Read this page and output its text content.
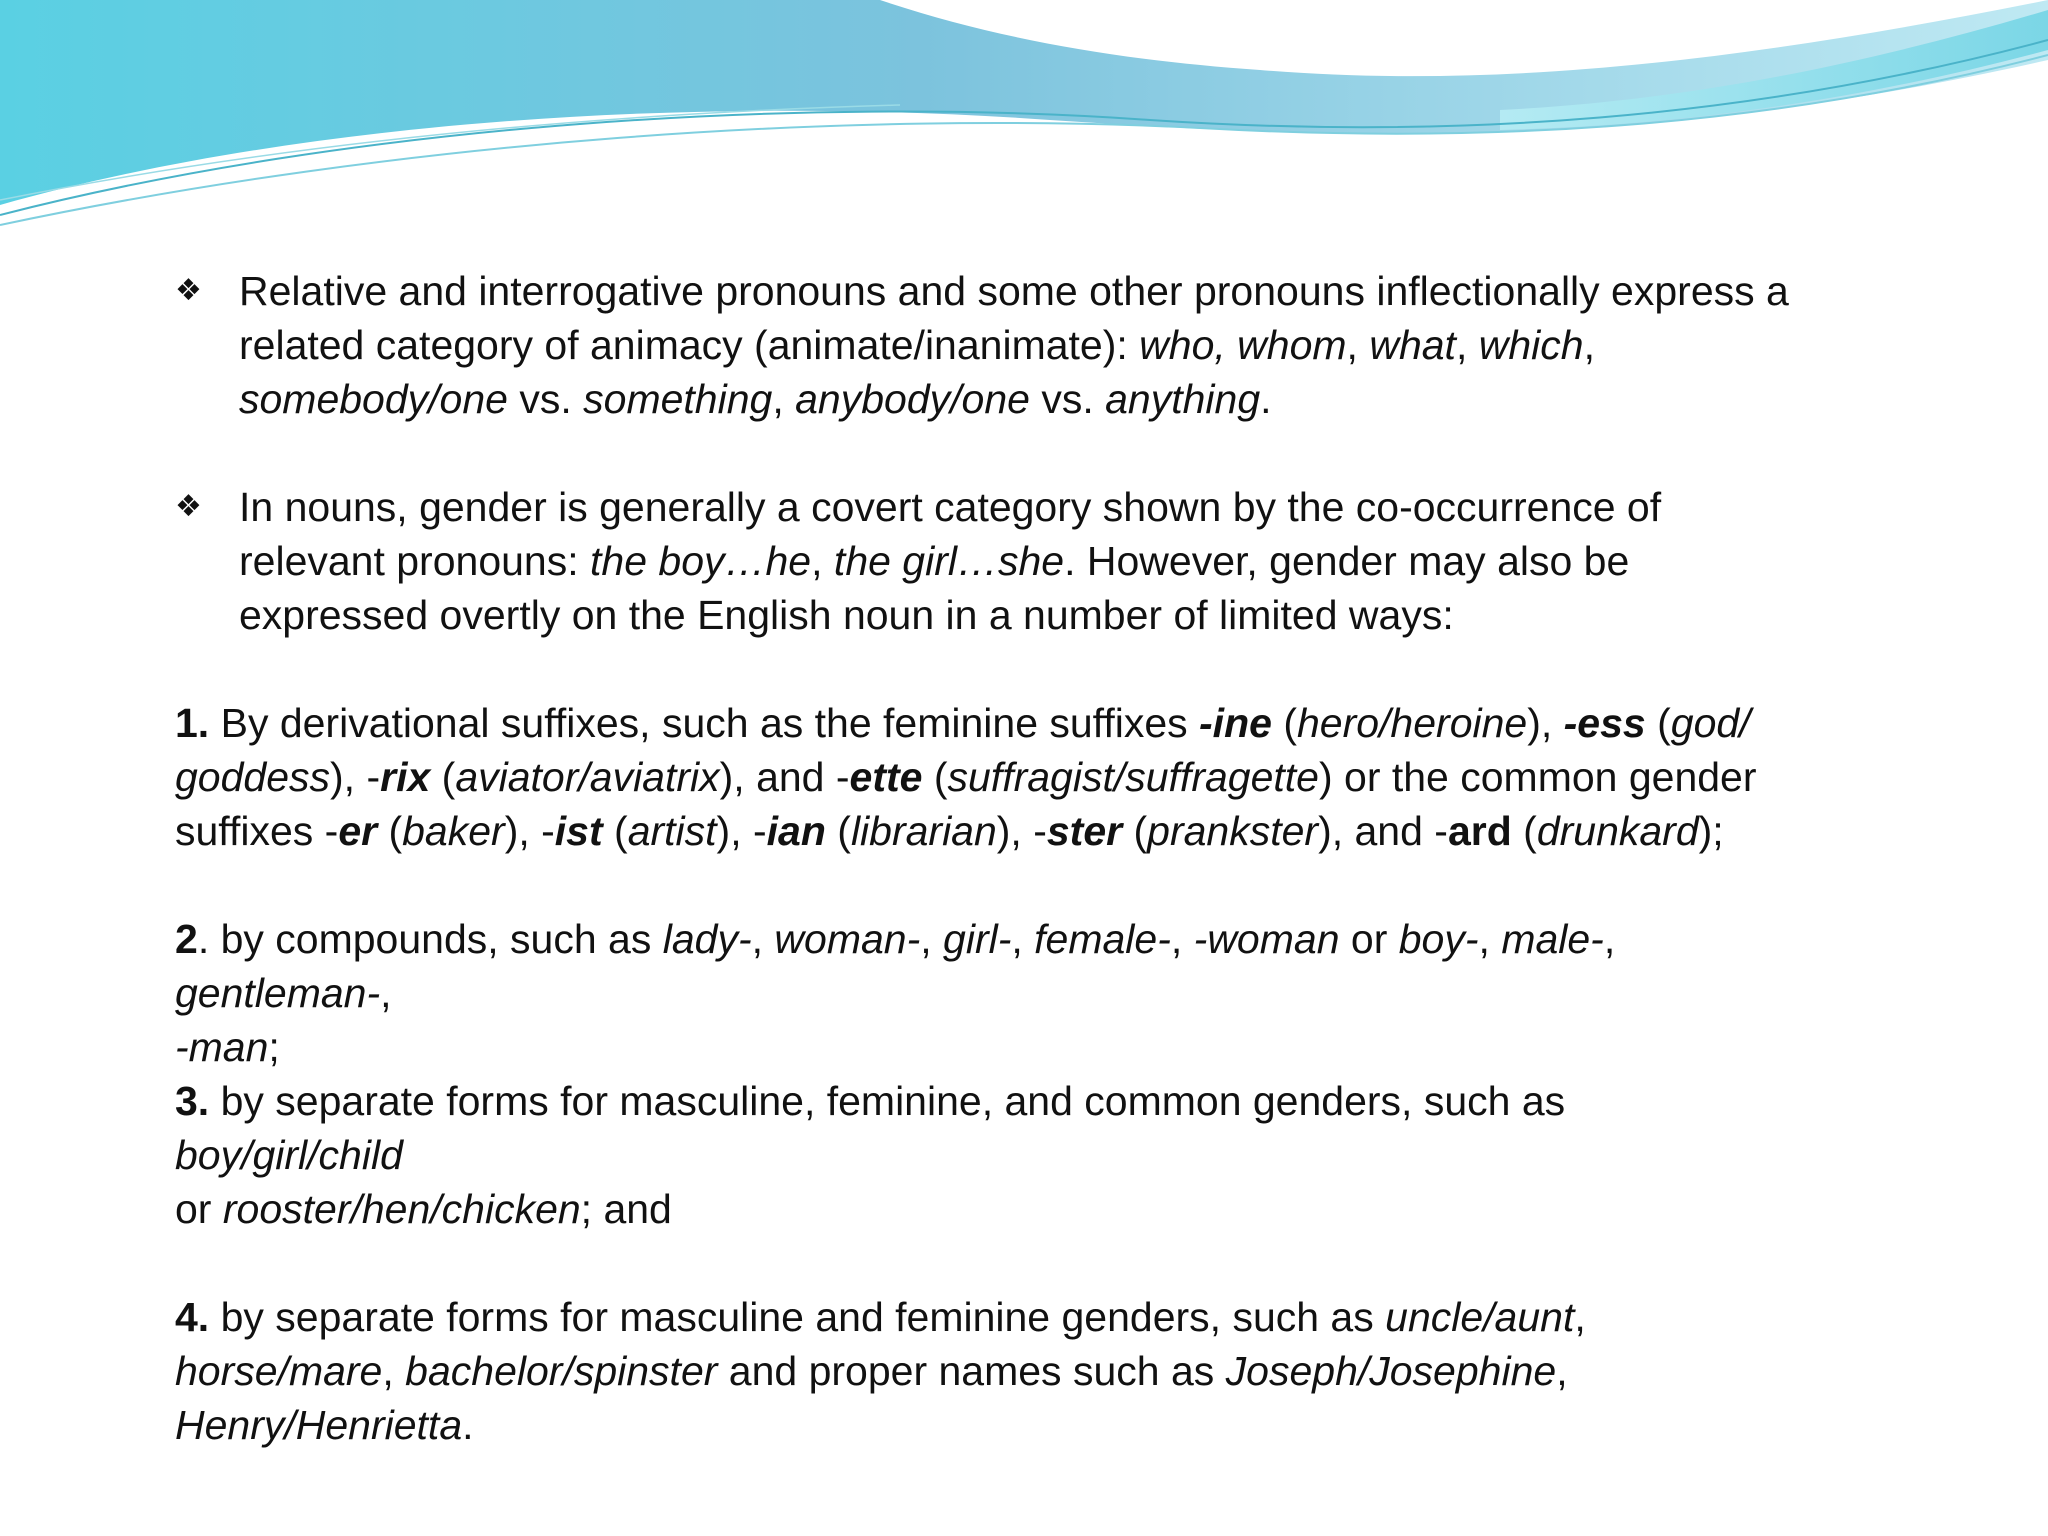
❖ Relative and interrogative pronouns and some other pronouns inflectionally express a
related category of animacy (animate/inanimate): who, whom, what, which,
somebody/one vs. something, anybody/one vs. anything.
❖ In nouns, gender is generally a covert category shown by the co-occurrence of
relevant pronouns: the boy…he, the girl…she. However, gender may also be
expressed overtly on the English noun in a number of limited ways:
1. By derivational suffixes, such as the feminine suffixes -ine (hero/heroine), -ess (god/
goddess), -rix (aviator/aviatrix), and -ette (suffragist/suffragette) or the common gender
suffixes -er (baker), -ist (artist), -ian (librarian), -ster (prankster), and -ard (drunkard);
2. by compounds, such as lady-, woman-, girl-, female-, -woman or boy-, male-,
gentleman-,
-man;
3. by separate forms for masculine, feminine, and common genders, such as
boy/girl/child
or rooster/hen/chicken; and
4. by separate forms for masculine and feminine genders, such as uncle/aunt,
horse/mare, bachelor/spinster and proper names such as Joseph/Josephine,
Henry/Henrietta.
